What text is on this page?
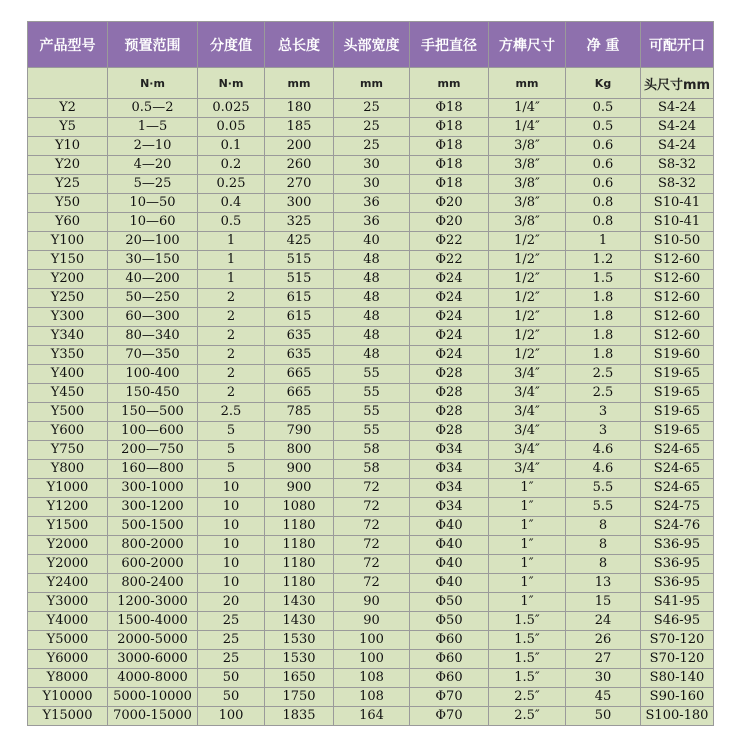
产品型号	预置范围	分度值	总长度	头部宽度	手把直径	方榫尺寸	净 重	可配开口
	N·m	N·m	mm	mm	mm	mm	Kg	头尺寸mm
Y2	0.5—2	0.025	180	25	Φ18	1/4″	0.5	S4-24
Y5	1—5	0.05	185	25	Φ18	1/4″	0.5	S4-24
Y10	2—10	0.1	200	25	Φ18	3/8″	0.6	S4-24
Y20	4—20	0.2	260	30	Φ18	3/8″	0.6	S8-32
Y25	5—25	0.25	270	30	Φ18	3/8″	0.6	S8-32
Y50	10—50	0.4	300	36	Φ20	3/8″	0.8	S10-41
Y60	10—60	0.5	325	36	Φ20	3/8″	0.8	S10-41
Y100	20—100	1	425	40	Φ22	1/2″	1	S10-50
Y150	30—150	1	515	48	Φ22	1/2″	1.2	S12-60
Y200	40—200	1	515	48	Φ24	1/2″	1.5	S12-60
Y250	50—250	2	615	48	Φ24	1/2″	1.8	S12-60
Y300	60—300	2	615	48	Φ24	1/2″	1.8	S12-60
Y340	80—340	2	635	48	Φ24	1/2″	1.8	S12-60
Y350	70—350	2	635	48	Φ24	1/2″	1.8	S19-60
Y400	100-400	2	665	55	Φ28	3/4″	2.5	S19-65
Y450	150-450	2	665	55	Φ28	3/4″	2.5	S19-65
Y500	150—500	2.5	785	55	Φ28	3/4″	3	S19-65
Y600	100—600	5	790	55	Φ28	3/4″	3	S19-65
Y750	200—750	5	800	58	Φ34	3/4″	4.6	S24-65
Y800	160—800	5	900	58	Φ34	3/4″	4.6	S24-65
Y1000	300-1000	10	900	72	Φ34	1″	5.5	S24-65
Y1200	300-1200	10	1080	72	Φ34	1″	5.5	S24-75
Y1500	500-1500	10	1180	72	Φ40	1″	8	S24-76
Y2000	800-2000	10	1180	72	Φ40	1″	8	S36-95
Y2000	600-2000	10	1180	72	Φ40	1″	8	S36-95
Y2400	800-2400	10	1180	72	Φ40	1″	13	S36-95
Y3000	1200-3000	20	1430	90	Φ50	1″	15	S41-95
Y4000	1500-4000	25	1430	90	Φ50	1.5″	24	S46-95
Y5000	2000-5000	25	1530	100	Φ60	1.5″	26	S70-120
Y6000	3000-6000	25	1530	100	Φ60	1.5″	27	S70-120
Y8000	4000-8000	50	1650	108	Φ60	1.5″	30	S80-140
Y10000	5000-10000	50	1750	108	Φ70	2.5″	45	S90-160
Y15000	7000-15000	100	1835	164	Φ70	2.5″	50	S100-180
